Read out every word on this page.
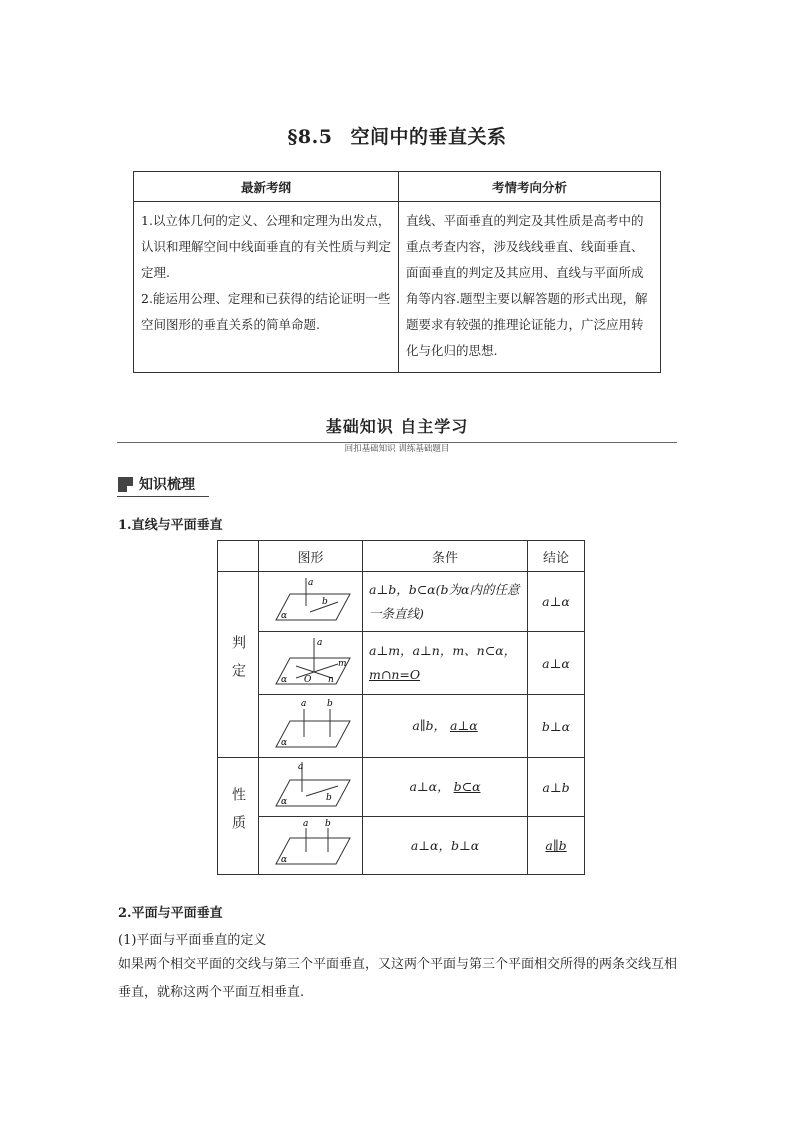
§8.5 空间中的垂直关系
最新考纲	考情考向分析

1.以立体几何的定义、公理和定理为出发点，认识和理解空间中线面垂直的有关性质与判定定理.

2.能运用公理、定理和已获得的结论证明一些空间图形的垂直关系的简单命题.	直线、平面垂直的判定及其性质是高考中的重点考查内容，涉及线线垂直、线面垂直、面面垂直的判定及其应用、直线与平面所成角等内容.题型主要以解答题的形式出现，解题要求有较强的推理论证能力，广泛应用转化与化归的思想.

基础知识 自主学习
回扣基础知识 训练基础题目
知识梳理
1.直线与平面垂直
	图形	条件	结论
判定	a
b
α	a⊥b，b⊂α(b为α内的任意一条直线)	a⊥α

a
m
n
O
α	a⊥m，a⊥n，m、n⊂α，
m∩n=O	a⊥α

a b
α	a∥b， a⊥α	b⊥α
性质	a
b
α	a⊥α， b⊂α	a⊥b

a b
α	a⊥α，b⊥α	a∥b
2.平面与平面垂直
(1)平面与平面垂直的定义
如果两个相交平面的交线与第三个平面垂直，又这两个平面与第三个平面相交所得的两条交线互相垂直，就称这两个平面互相垂直.
